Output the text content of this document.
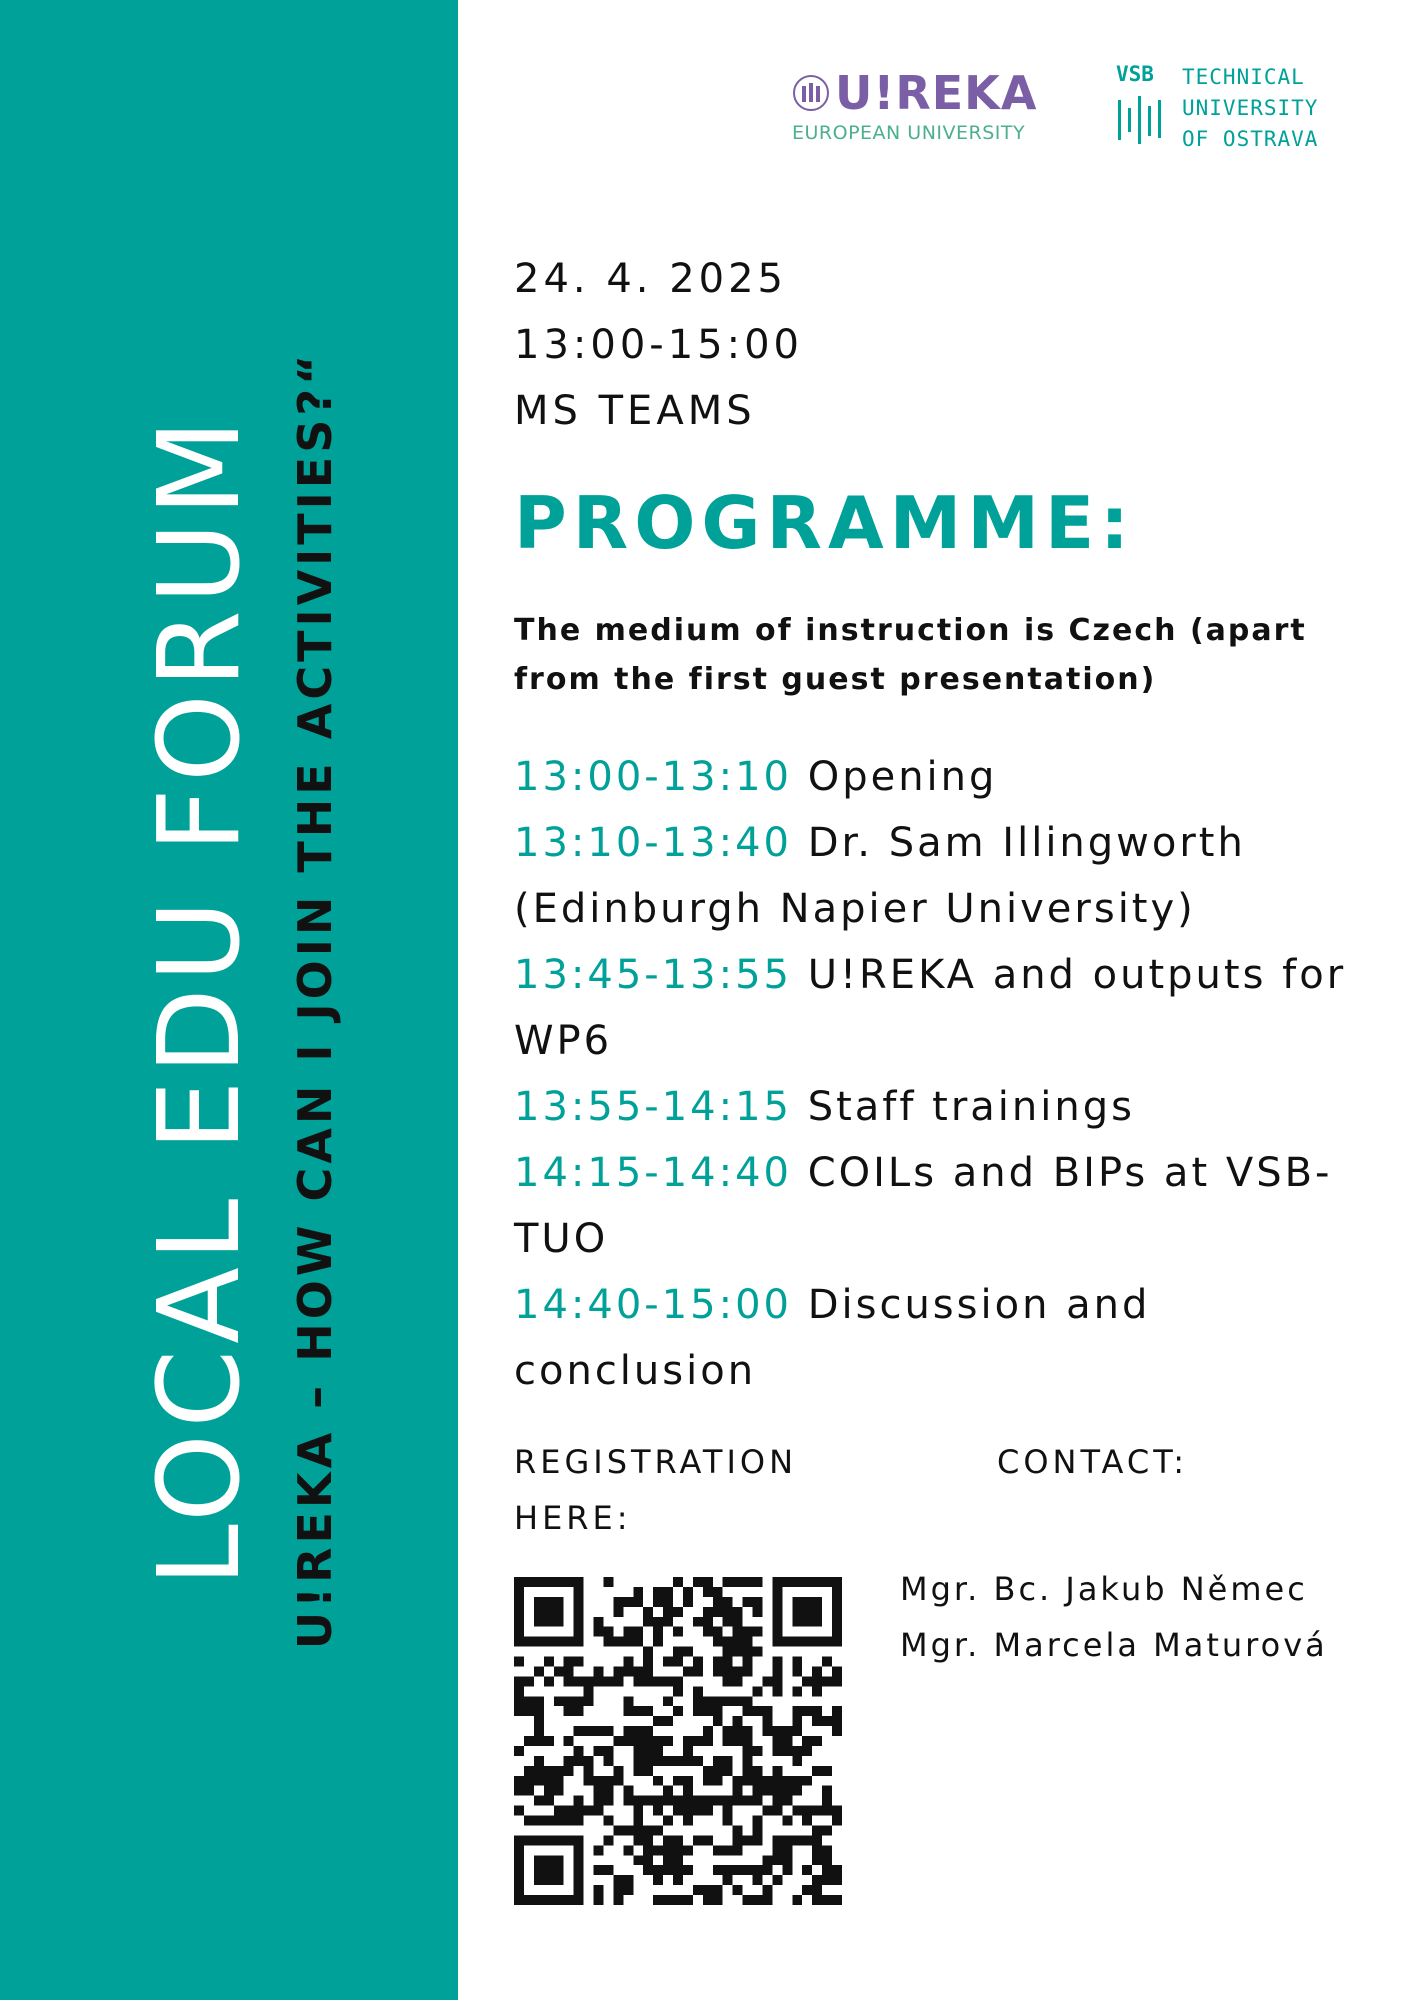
LOCAL EDU FORUM U!REKA – HOW CAN I JOIN THE ACTIVITIES?“
U!REKA
EUROPEAN UNIVERSITY
VSB TECHNICAL
UNIVERSITY
OF OSTRAVA
24. 4. 2025
13:00-15:00
MS TEAMS
PROGRAMME:
The medium of instruction is Czech (apart from the first guest presentation)
13:00-13:10 Opening
13:10-13:40 Dr. Sam Illingworth (Edinburgh Napier University)
13:45-13:55 U!REKA and outputs for WP6
13:55-14:15 Staff trainings
14:15-14:40 COILs and BIPs at VSB-TUO
14:40-15:00 Discussion and conclusion
REGISTRATION
HERE:
CONTACT:
Mgr. Bc. Jakub Němec
Mgr. Marcela Maturová
